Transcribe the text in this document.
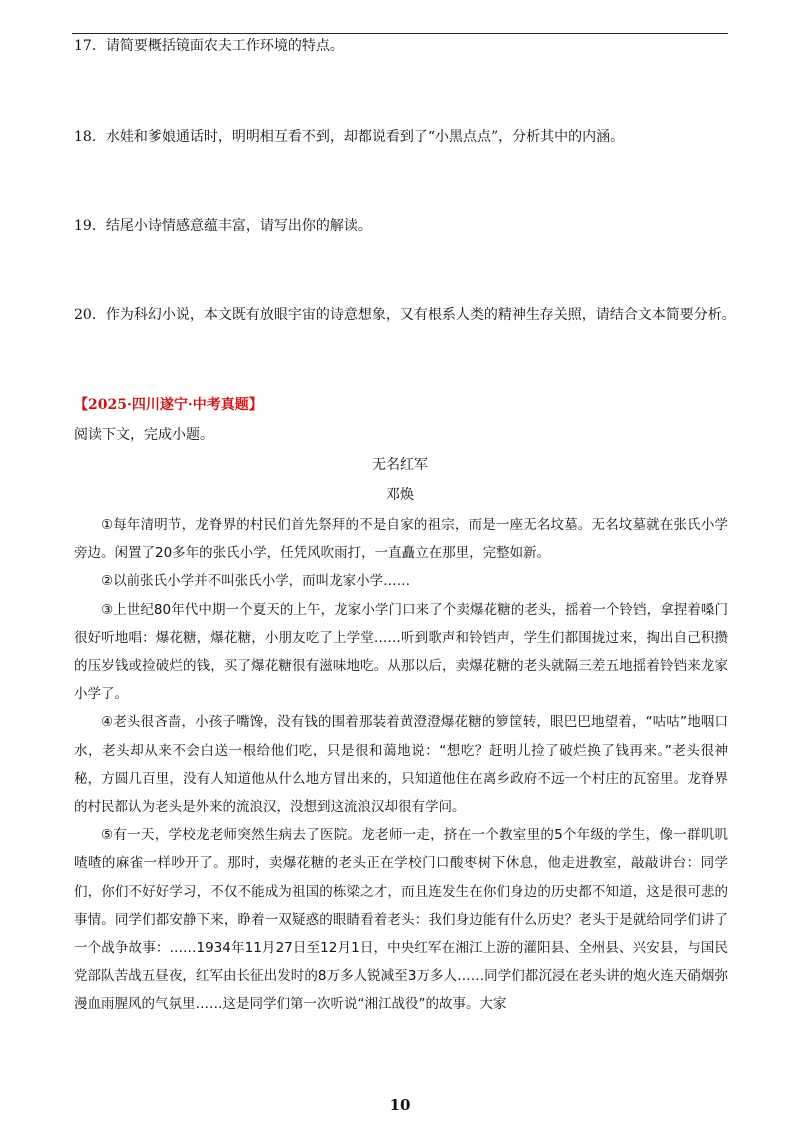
17．请简要概括镜面农夫工作环境的特点。
18．水娃和爹娘通话时，明明相互看不到，却都说看到了“小黑点点”，分析其中的内涵。
19．结尾小诗情感意蕴丰富，请写出你的解读。
20．作为科幻小说，本文既有放眼宇宙的诗意想象，又有根系人类的精神生存关照，请结合文本简要分析。
【2025·四川遂宁·中考真题】
阅读下文，完成小题。
无名红军
邓焕

①每年清明节，龙脊界的村民们首先祭拜的不是自家的祖宗，而是一座无名坟墓。无名坟墓就在张氏小学旁边。闲置了20多年的张氏小学，任凭风吹雨打，一直矗立在那里，完整如新。

②以前张氏小学并不叫张氏小学，而叫龙家小学……

③上世纪80年代中期一个夏天的上午，龙家小学门口来了个卖爆花糖的老头，摇着一个铃铛，拿捏着嗓门很好听地唱：爆花糖，爆花糖，小朋友吃了上学堂……听到歌声和铃铛声，学生们都围拢过来，掏出自己积攒的压岁钱或捡破烂的钱，买了爆花糖很有滋味地吃。从那以后，卖爆花糖的老头就隔三差五地摇着铃铛来龙家小学了。

④老头很吝啬，小孩子嘴馋，没有钱的围着那装着黄澄澄爆花糖的箩筐转，眼巴巴地望着，“咕咕”地咽口水，老头却从来不会白送一根给他们吃，只是很和蔼地说：“想吃？赶明儿捡了破烂换了钱再来。”老头很神秘，方圆几百里，没有人知道他从什么地方冒出来的，只知道他住在离乡政府不远一个村庄的瓦窑里。龙脊界的村民都认为老头是外来的流浪汉，没想到这流浪汉却很有学问。

⑤有一天，学校龙老师突然生病去了医院。龙老师一走，挤在一个教室里的5个年级的学生，像一群叽叽喳喳的麻雀一样吵开了。那时，卖爆花糖的老头正在学校门口酸枣树下休息，他走进教室，敲敲讲台：同学们，你们不好好学习，不仅不能成为祖国的栋梁之才，而且连发生在你们身边的历史都不知道，这是很可悲的事情。同学们都安静下来，睁着一双疑惑的眼睛看着老头：我们身边能有什么历史？老头于是就给同学们讲了一个战争故事：……1934年11月27日至12月1日，中央红军在湘江上游的灌阳县、全州县、兴安县，与国民党部队苦战五昼夜，红军由长征出发时的8万多人锐减至3万多人……同学们都沉浸在老头讲的炮火连天硝烟弥漫血雨腥风的气氛里……这是同学们第一次听说“湘江战役”的故事。大家

10
